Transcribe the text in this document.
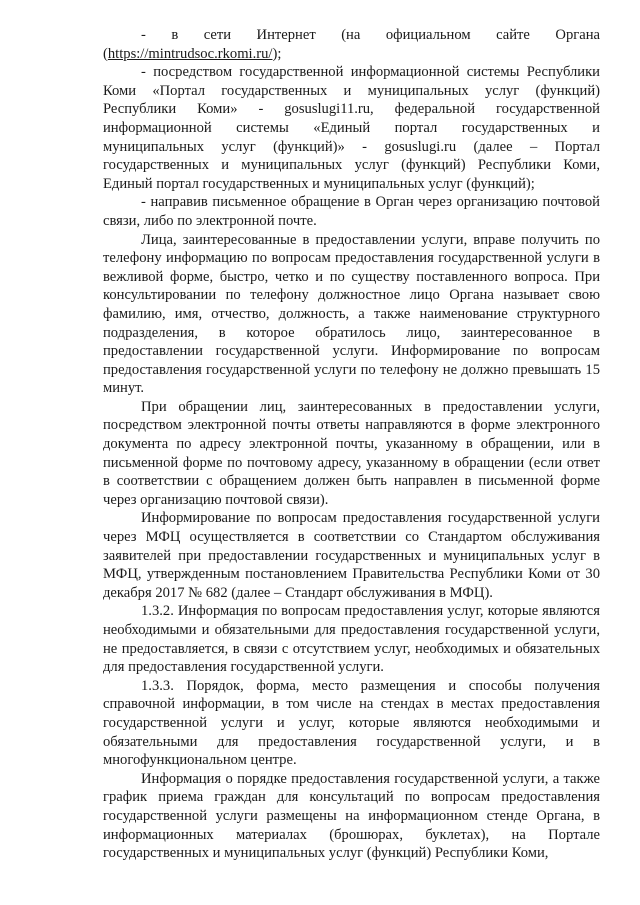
- в сети Интернет (на официальном сайте Органа (https://mintrudsoc.rkomi.ru/);

- посредством государственной информационной системы Республики Коми «Портал государственных и муниципальных услуг (функций) Республики Коми» - gosuslugi11.ru, федеральной государственной информационной системы «Единый портал государственных и муниципальных услуг (функций)» - gosuslugi.ru (далее – Портал государственных и муниципальных услуг (функций) Республики Коми, Единый портал государственных и муниципальных услуг (функций);

- направив письменное обращение в Орган через организацию почтовой связи, либо по электронной почте.

Лица, заинтересованные в предоставлении услуги, вправе получить по телефону информацию по вопросам предоставления государственной услуги в вежливой форме, быстро, четко и по существу поставленного вопроса. При консультировании по телефону должностное лицо Органа называет свою фамилию, имя, отчество, должность, а также наименование структурного подразделения, в которое обратилось лицо, заинтересованное в предоставлении государственной услуги. Информирование по вопросам предоставления государственной услуги по телефону не должно превышать 15 минут.

При обращении лиц, заинтересованных в предоставлении услуги, посредством электронной почты ответы направляются в форме электронного документа по адресу электронной почты, указанному в обращении, или в письменной форме по почтовому адресу, указанному в обращении (если ответ в соответствии с обращением должен быть направлен в письменной форме через организацию почтовой связи).

Информирование по вопросам предоставления государственной услуги через МФЦ осуществляется в соответствии со Стандартом обслуживания заявителей при предоставлении государственных и муниципальных услуг в МФЦ, утвержденным постановлением Правительства Республики Коми от 30 декабря 2017 № 682 (далее – Стандарт обслуживания в МФЦ).

1.3.2. Информация по вопросам предоставления услуг, которые являются необходимыми и обязательными для предоставления государственной услуги, не предоставляется, в связи с отсутствием услуг, необходимых и обязательных для предоставления государственной услуги.

1.3.3. Порядок, форма, место размещения и способы получения справочной информации, в том числе на стендах в местах предоставления государственной услуги и услуг, которые являются необходимыми и обязательными для предоставления государственной услуги, и в многофункциональном центре.

Информация о порядке предоставления государственной услуги, а также график приема граждан для консультаций по вопросам предоставления государственной услуги размещены на информационном стенде Органа, в информационных материалах (брошюрах, буклетах), на Портале государственных и муниципальных услуг (функций) Республики Коми,
